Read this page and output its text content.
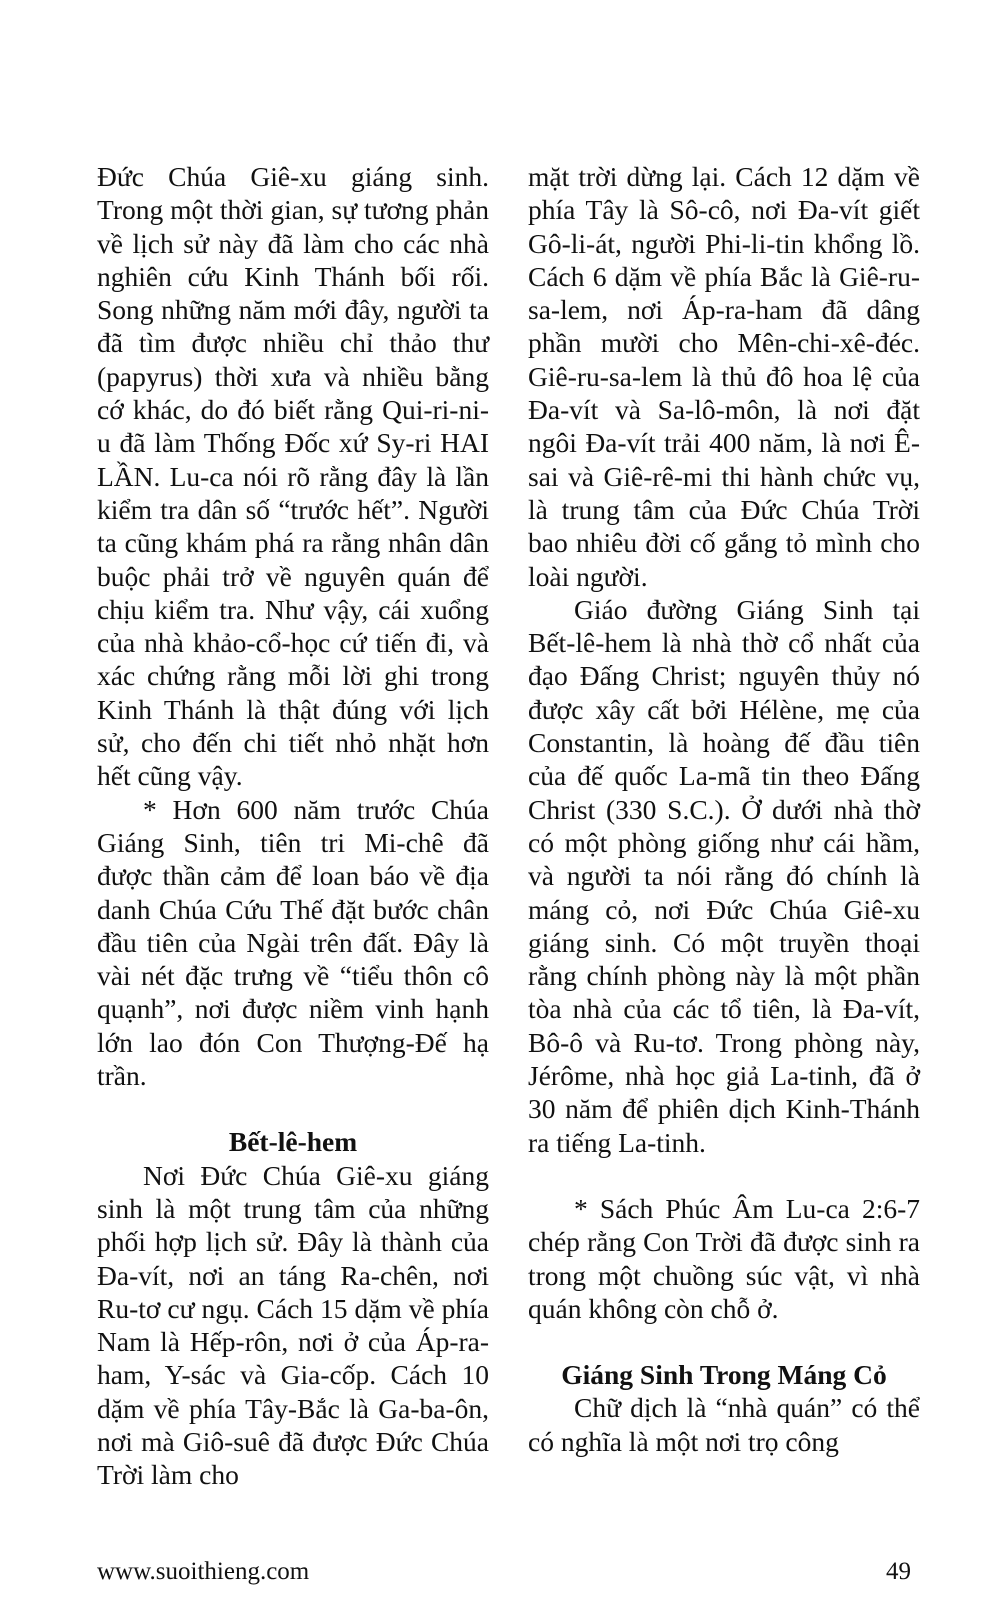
Đức Chúa Giê-xu giáng sinh. Trong một thời gian, sự tương phản về lịch sử này đã làm cho các nhà nghiên cứu Kinh Thánh bối rối. Song những năm mới đây, người ta đã tìm được nhiều chỉ thảo thư (papyrus) thời xưa và nhiều bằng cớ khác, do đó biết rằng Qui-ri-ni-u đã làm Thống Đốc xứ Sy-ri HAI LẦN. Lu-ca nói rõ rằng đây là lần kiểm tra dân số “trước hết”. Người ta cũng khám phá ra rằng nhân dân buộc phải trở về nguyên quán để chịu kiểm tra. Như vậy, cái xuổng của nhà khảo-cổ-học cứ tiến đi, và xác chứng rằng mỗi lời ghi trong Kinh Thánh là thật đúng với lịch sử, cho đến chi tiết nhỏ nhặt hơn hết cũng vậy.

* Hơn 600 năm trước Chúa Giáng Sinh, tiên tri Mi-chê đã được thần cảm để loan báo về địa danh Chúa Cứu Thế đặt bước chân đầu tiên của Ngài trên đất. Đây là vài nét đặc trưng về “tiểu thôn cô quạnh”, nơi được niềm vinh hạnh lớn lao đón Con Thượng-Đế hạ trần.

Bết-lê-hem

Nơi Đức Chúa Giê-xu giáng sinh là một trung tâm của những phối hợp lịch sử. Đây là thành của Đa-vít, nơi an táng Ra-chên, nơi Ru-tơ cư ngụ. Cách 15 dặm về phía Nam là Hếp-rôn, nơi ở của Áp-ra-ham, Y-sác và Gia-cốp. Cách 10 dặm về phía Tây-Bắc là Ga-ba-ôn, nơi mà Giô-suê đã được Đức Chúa Trời làm cho

mặt trời dừng lại. Cách 12 dặm về phía Tây là Sô-cô, nơi Đa-vít giết Gô-li-át, người Phi-li-tin khổng lồ. Cách 6 dặm về phía Bắc là Giê-ru-sa-lem, nơi Áp-ra-ham đã dâng phần mười cho Mên-chi-xê-đéc. Giê-ru-sa-lem là thủ đô hoa lệ của Đa-vít và Sa-lô-môn, là nơi đặt ngôi Đa-vít trải 400 năm, là nơi Ê-sai và Giê-rê-mi thi hành chức vụ, là trung tâm của Đức Chúa Trời bao nhiêu đời cố gắng tỏ mình cho loài người.

Giáo đường Giáng Sinh tại Bết-lê-hem là nhà thờ cổ nhất của đạo Đấng Christ; nguyên thủy nó được xây cất bởi Hélène, mẹ của Constantin, là hoàng đế đầu tiên của đế quốc La-mã tin theo Đấng Christ (330 S.C.). Ở dưới nhà thờ có một phòng giống như cái hầm, và người ta nói rằng đó chính là máng cỏ, nơi Đức Chúa Giê-xu giáng sinh. Có một truyền thoại rằng chính phòng này là một phần tòa nhà của các tổ tiên, là Đa-vít, Bô-ô và Ru-tơ. Trong phòng này, Jérôme, nhà học giả La-tinh, đã ở 30 năm để phiên dịch Kinh-Thánh ra tiếng La-tinh.

* Sách Phúc Âm Lu-ca 2:6-7 chép rằng Con Trời đã được sinh ra trong một chuồng súc vật, vì nhà quán không còn chỗ ở.

Giáng Sinh Trong Máng Cỏ

Chữ dịch là “nhà quán” có thể có nghĩa là một nơi trọ công

www.suoithieng.com	49
